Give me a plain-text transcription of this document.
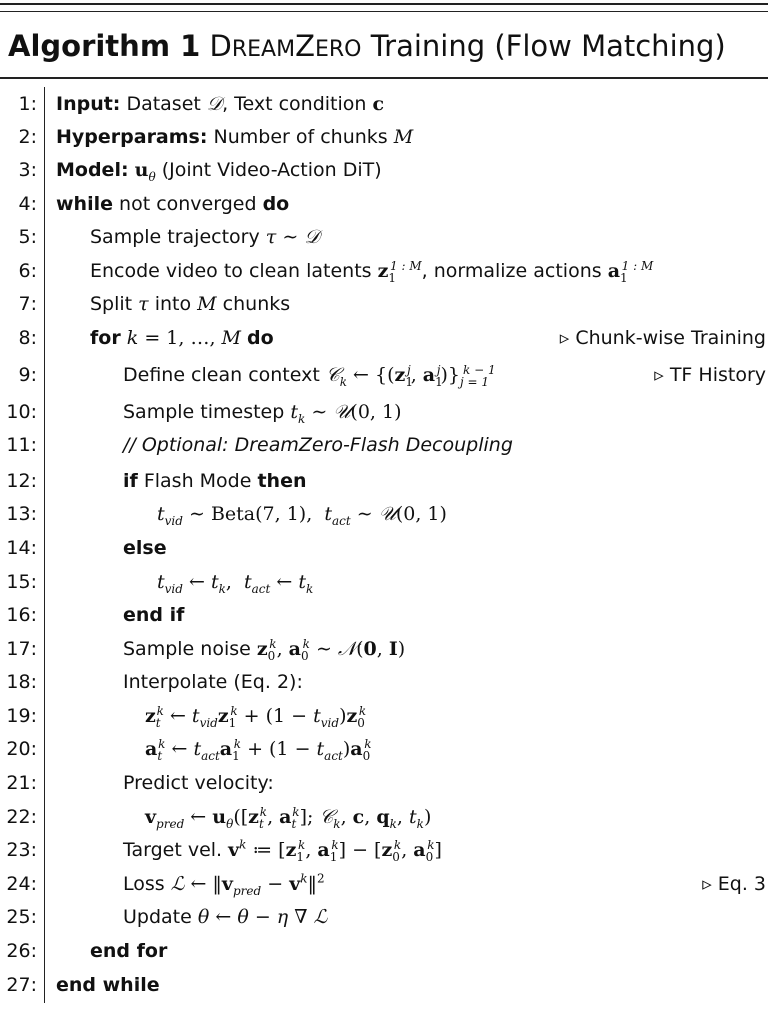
Algorithm 1 DREAMZERO Training (Flow Matching)
1: Input: Dataset 𝒟, Text condition c
2: Hyperparams: Number of chunks M
3: Model: $u_\theta$ (Joint Video-Action DiT)
4: while not converged do
5:	Sample trajectory τ ∼ 𝒟
6:	Encode video to clean latents $z_1^{1 : M}$, normalize actions $a_1^{1 : M}$
7:	Split τ into M chunks
8:	for k = 1, …, M do	▹ Chunk-wise Training
9:	Define clean context 𝒞$_k$ ← {($z_1^j$, $a_1^j)\}_{j = 1}^{k - 1}$	▹ TF History
10:	Sample timestep $t_k$ ∼ 𝒰(0, 1)
11:	// Optional: DreamZero-Flash Decoupling
12:	if Flash Mode then
13:	$t_{vid}$ ∼ Beta(7, 1),  $t_{act}$ ∼ 𝒰(0, 1)
14:	else
15:	$t_{vid}$ ← $t_k$,  $t_{act}$ ← $t_k$
16:	end if
17:	Sample noise $z_0^k$, $a_0^k$ ∼ 𝒩(0, I)
18:	Interpolate (Eq. 2):
19:	$z_t^k$ ← $t_{vid}z_1^k + (1 - t_{vid})z_0^k$
20:	$a_t^k$ ← $t_{act}a_1^k + (1 - t_{act})a_0^k$
21:	Predict velocity:
22:	$v_{pred}$ ← $u_\theta([z_t^k$, $a_t^k$]; 𝒞$_k$, c, $q_k$, $t_k$)
23:	Target vel. $v^k$ ≔ [$z_1^k$, $a_1^k] - [z_0^k$, $a_0^k$]
24:	Loss ℒ ← $‖v_{pred}$ − $v^k‖^2$	▹ Eq. 3
25:	Update θ ← θ − η ∇ ℒ
26:	end for
27: end while
